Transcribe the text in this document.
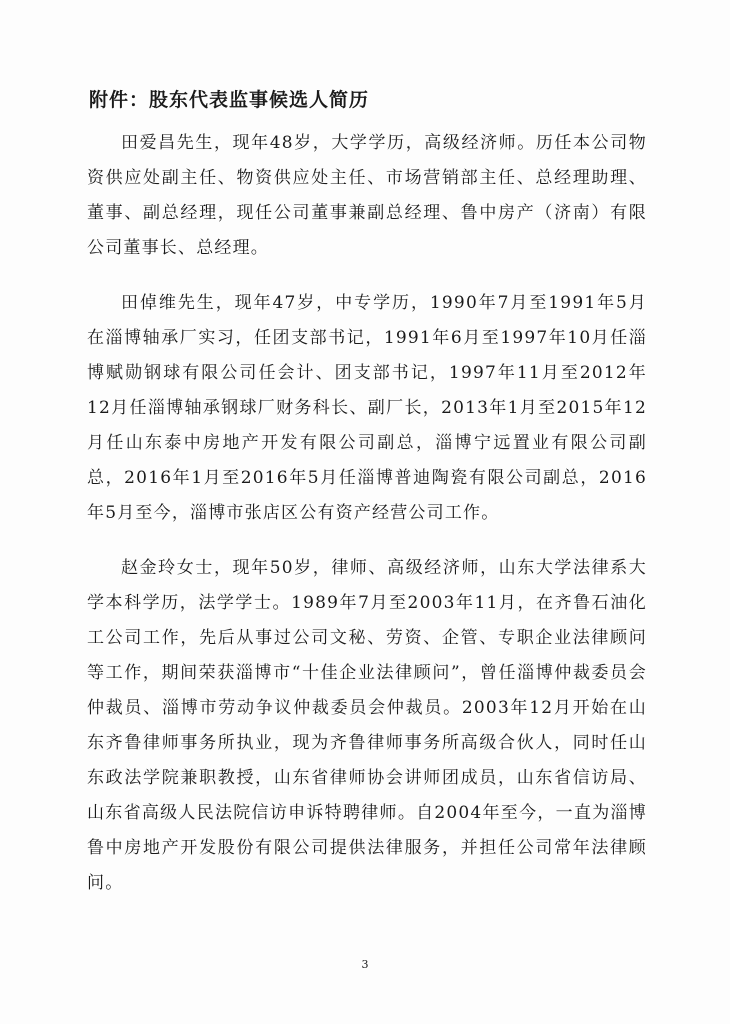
附件：股东代表监事候选人简历

田爱昌先生，现年48岁，大学学历，高级经济师。历任本公司物资供应处副主任、物资供应处主任、市场营销部主任、总经理助理、董事、副总经理，现任公司董事兼副总经理、鲁中房产（济南）有限公司董事长、总经理。

田倬维先生，现年47岁，中专学历，1990年7月至1991年5月在淄博轴承厂实习，任团支部书记，1991年6月至1997年10月任淄博赋勋钢球有限公司任会计、团支部书记，1997年11月至2012年12月任淄博轴承钢球厂财务科长、副厂长，2013年1月至2015年12月任山东泰中房地产开发有限公司副总，淄博宁远置业有限公司副总，2016年1月至2016年5月任淄博普迪陶瓷有限公司副总，2016年5月至今，淄博市张店区公有资产经营公司工作。

赵金玲女士，现年50岁，律师、高级经济师，山东大学法律系大学本科学历，法学学士。1989年7月至2003年11月，在齐鲁石油化工公司工作，先后从事过公司文秘、劳资、企管、专职企业法律顾问等工作，期间荣获淄博市“十佳企业法律顾问”，曾任淄博仲裁委员会仲裁员、淄博市劳动争议仲裁委员会仲裁员。2003年12月开始在山东齐鲁律师事务所执业，现为齐鲁律师事务所高级合伙人，同时任山东政法学院兼职教授，山东省律师协会讲师团成员，山东省信访局、山东省高级人民法院信访申诉特聘律师。自2004年至今，一直为淄博鲁中房地产开发股份有限公司提供法律服务，并担任公司常年法律顾问。

3
